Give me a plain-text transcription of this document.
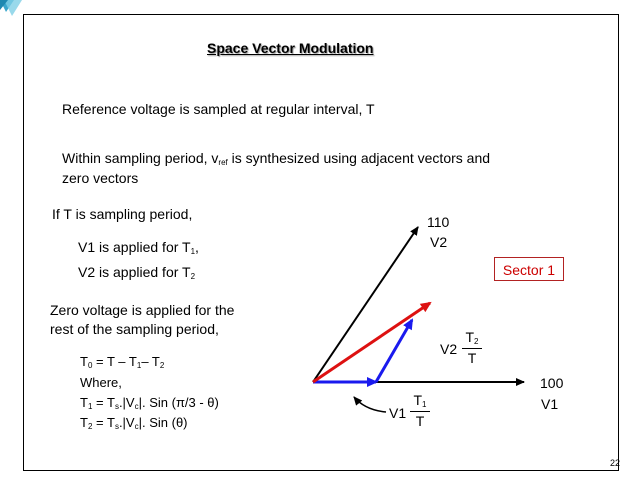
Space Vector Modulation
Reference voltage is sampled at regular interval, T
Within sampling period, $v_{ref}$ is synthesized using adjacent vectors and
zero vectors
If T is sampling period,
V1 is applied for $T_1$,
V2 is applied for $T_2$
Zero voltage is applied for the
rest of the sampling period,
$T_0 = T - T_1-$ $T_2$
Where,
$T_1 = T_s.|V_c|$. Sin (π/3 - θ)
$T_2 = T_s.|V_c|$. Sin (θ)
110
V2
100
V1
Sector 1
V2
$T_2$
T
V1
$T_1$
T
22
